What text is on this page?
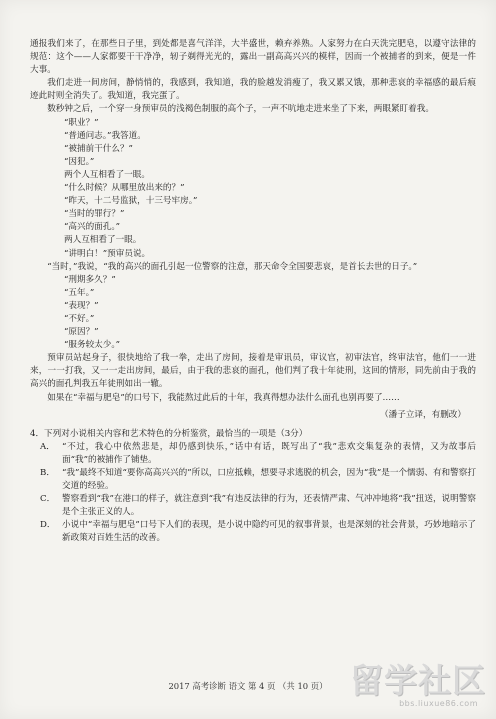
通报我们来了，在那些日子里，到处都是喜气洋洋，大半盛世，赖弃养熟。人家努力在白天洗完肥皂，以遵守法律的规范：这个——人家都要干干净净，轫子剃得光光的，露出一副高高兴兴的模样，因而一个被捕者的到来，便是一件大事。

我们走进一间房间，静悄悄的，我感到，我知道，我的脸越发消瘦了，我又累又饿，那种悲哀的幸福感的最后痕迹此时则全消失了。我知道，我完蛋了。

数秒钟之后，一个穿一身预审员的浅褐色制服的高个子，一声不吭地走进来坐了下来，两眼紧盯着我。

“职业？”
“普通问志。”我答道。
“被捕前干什么？”
“因犯。”
两个人互相看了一眼。
“什么时候？从哪里放出来的？”
“昨天，十二号监狱，十三号牢房。”
“当时的罪行？”
“高兴的面孔。”
两人互相看了一眼。
“讲明白！”预审员说。
“当时，”我说，“我的高兴的面孔引起一位警察的注意，那天命令全国要悲哀，是首长去世的日子。”
“刑期多久？”
“五年。”
“表现？”
“不好。”
“原因？”
“服务较太少。”

预审员站起身子，很快地给了我一拳，走出了房间，接着是审讯员，审议官，初审法官，终审法官，他们一一进来，一一打我，又一一走出房间，最后，由于我的悲哀的面孔，他们判了我十年徒刑，这回的情形，同先前由于我的高兴的面孔判我五年徒刑如出一辙。

如果在“幸福与肥皂”的口号下，我能熬过此后的十年，我真得想办法什么面孔也别再要了……

（潘子立译，有删改）

4．下列对小说相关内容和艺术特色的分析鉴赏，最恰当的一项是（3分）

A． “不过，我心中依然悲是，却仍感到快乐，”话中有话，既写出了“我”悲欢交集复杂的表情，又为故事后面“我”的被捕作了铺垫。
B． “我”最终不知道“要你高高兴兴的”所以，口应抵赖，想要寻求逃脱的机会，因为“我”是一个懦弱、有和警察打交道的经验。
C． 警察看到“我”在港口的样子，就注意到“我”有违反法律的行为，还表情严肃、气冲冲地将“我”扭送，说明警察是个主张正义的人。
D． 小说中“幸福与肥皂”口号下人们的表现，是小说中隐约可见的叙事背景，也是深刻的社会背景，巧妙地暗示了新政策对百姓生活的改善。
2017 高考诊断 语文 第 4 页 （共 10 页） 留学社区
bbs.liuxue86.com
